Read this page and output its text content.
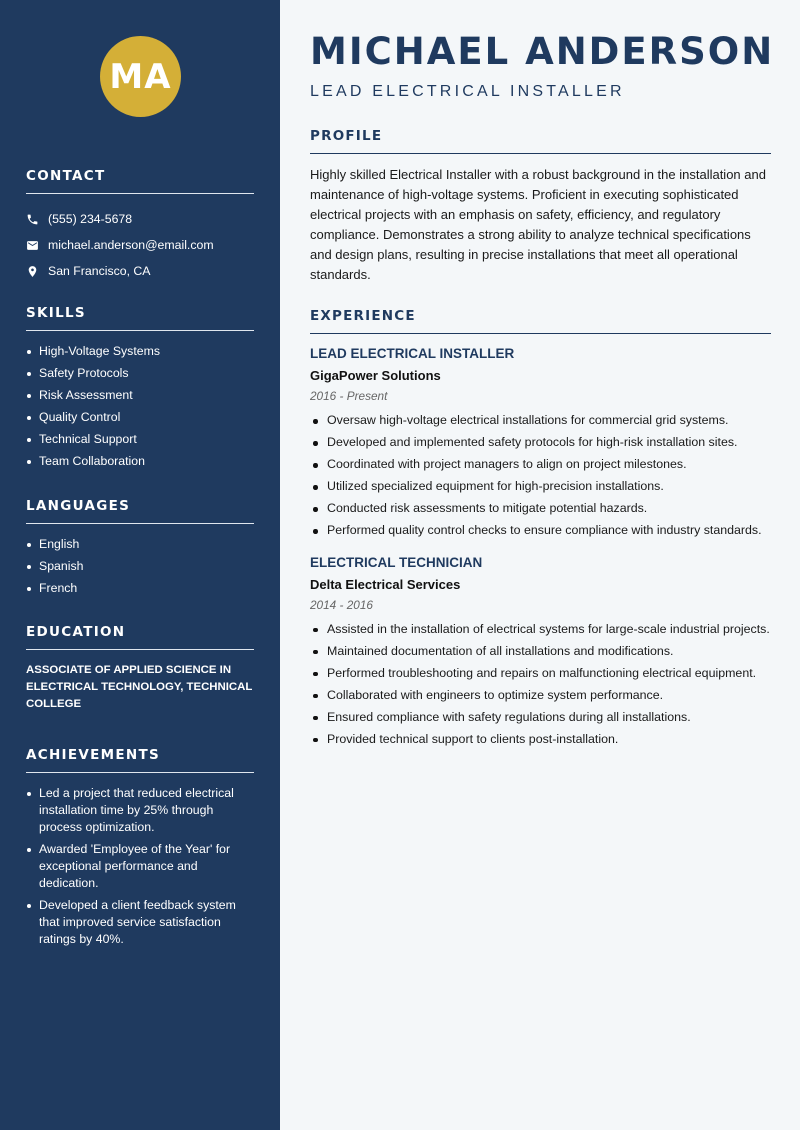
MA
CONTACT
(555) 234-5678
michael.anderson@email.com
San Francisco, CA
SKILLS
High-Voltage Systems
Safety Protocols
Risk Assessment
Quality Control
Technical Support
Team Collaboration
LANGUAGES
English
Spanish
French
EDUCATION
ASSOCIATE OF APPLIED SCIENCE IN ELECTRICAL TECHNOLOGY, TECHNICAL COLLEGE
ACHIEVEMENTS
Led a project that reduced electrical installation time by 25% through process optimization.
Awarded 'Employee of the Year' for exceptional performance and dedication.
Developed a client feedback system that improved service satisfaction ratings by 40%.
MICHAEL ANDERSON
LEAD ELECTRICAL INSTALLER
PROFILE
Highly skilled Electrical Installer with a robust background in the installation and maintenance of high-voltage systems. Proficient in executing sophisticated electrical projects with an emphasis on safety, efficiency, and regulatory compliance. Demonstrates a strong ability to analyze technical specifications and design plans, resulting in precise installations that meet all operational standards.
EXPERIENCE
LEAD ELECTRICAL INSTALLER
GigaPower Solutions
2016 - Present
Oversaw high-voltage electrical installations for commercial grid systems.
Developed and implemented safety protocols for high-risk installation sites.
Coordinated with project managers to align on project milestones.
Utilized specialized equipment for high-precision installations.
Conducted risk assessments to mitigate potential hazards.
Performed quality control checks to ensure compliance with industry standards.
ELECTRICAL TECHNICIAN
Delta Electrical Services
2014 - 2016
Assisted in the installation of electrical systems for large-scale industrial projects.
Maintained documentation of all installations and modifications.
Performed troubleshooting and repairs on malfunctioning electrical equipment.
Collaborated with engineers to optimize system performance.
Ensured compliance with safety regulations during all installations.
Provided technical support to clients post-installation.
